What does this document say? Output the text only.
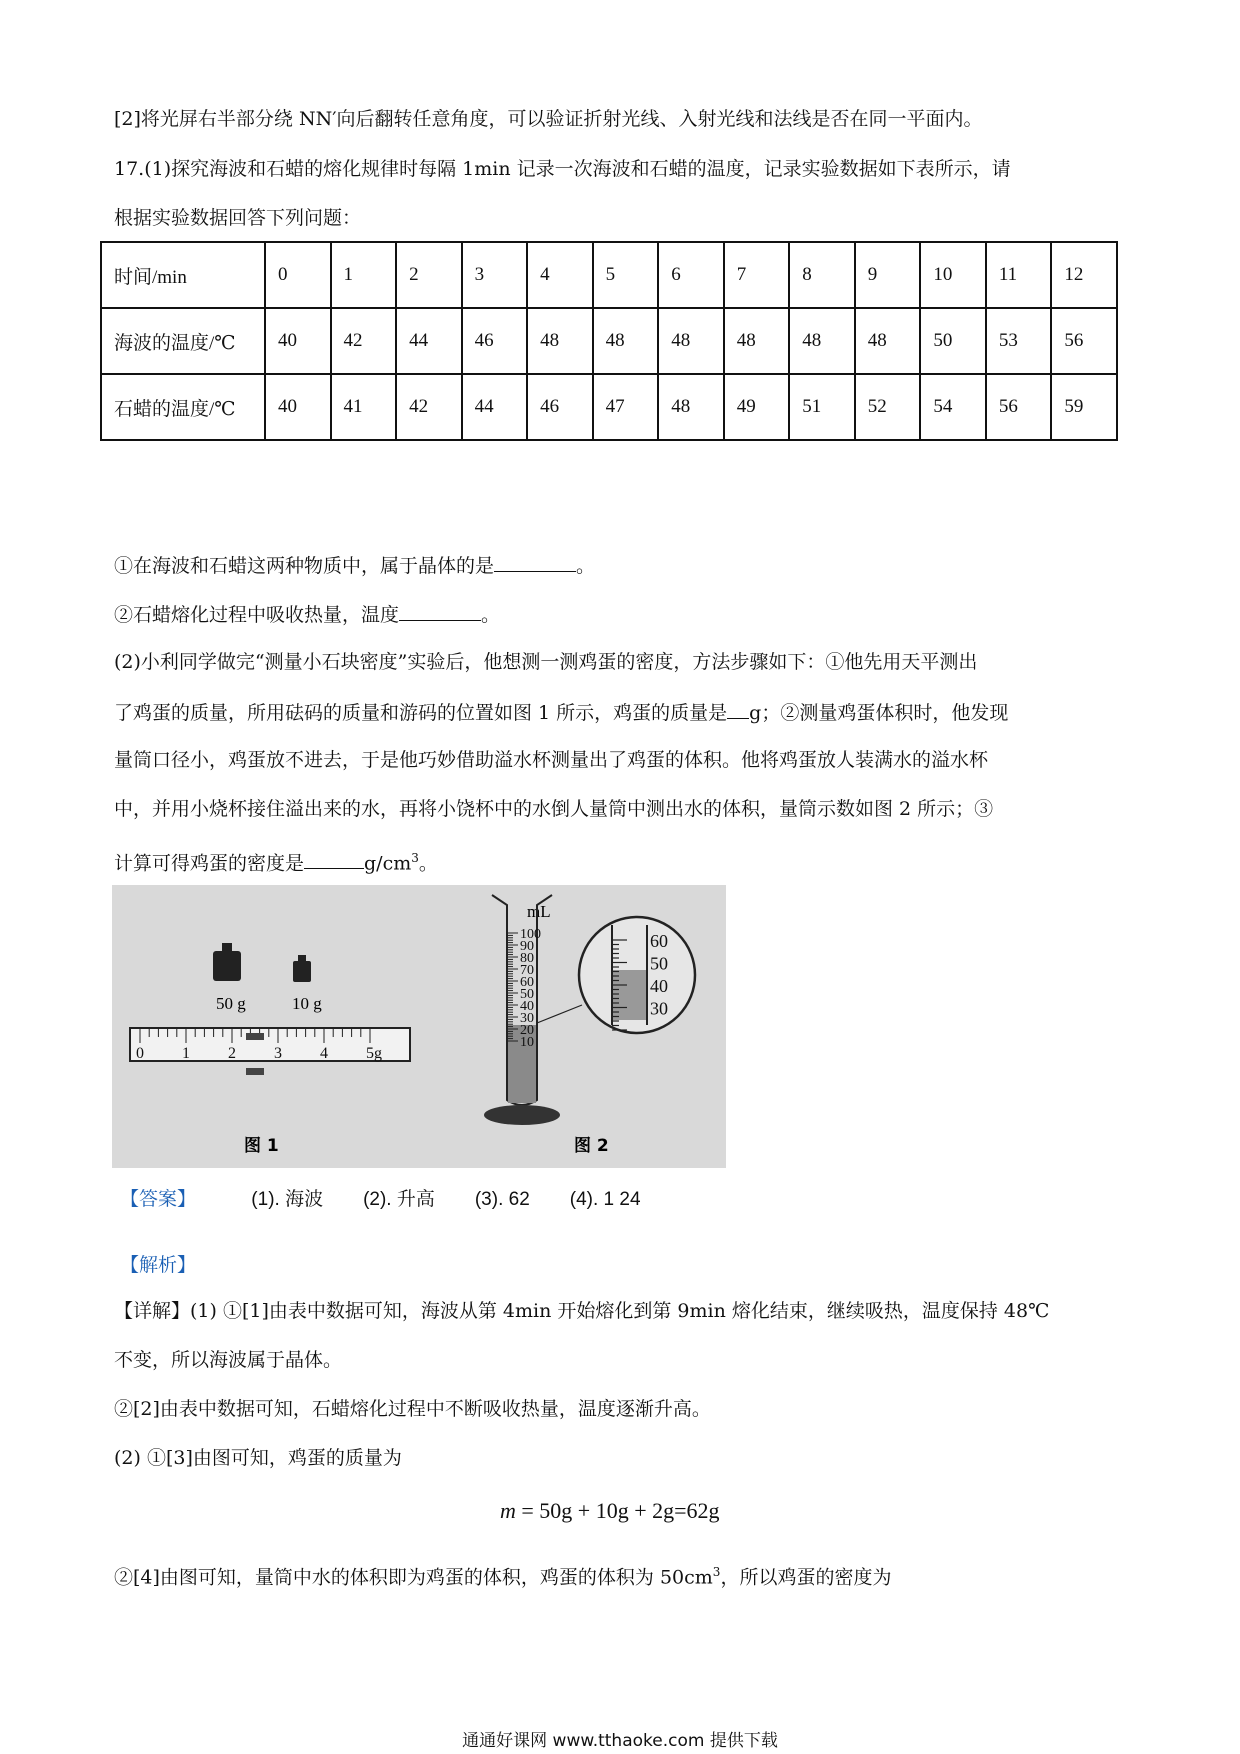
[2]将光屏右半部分绕 NN′向后翻转任意角度，可以验证折射光线、入射光线和法线是否在同一平面内。
17.(1)探究海波和石蜡的熔化规律时每隔 1min 记录一次海波和石蜡的温度，记录实验数据如下表所示，请
根据实验数据回答下列问题：
时间/min	0	1	2	3	4	5	6	7	8	9	10	11	12
海波的温度/℃	40	42	44	46	48	48	48	48	48	48	50	53	56
石蜡的温度/℃	40	41	42	44	46	47	48	49	51	52	54	56	59
①在海波和石蜡这两种物质中，属于晶体的是	。
②石蜡熔化过程中吸收热量，温度	。
(2)小利同学做完“测量小石块密度”实验后，他想测一测鸡蛋的密度，方法步骤如下：①他先用天平测出
了鸡蛋的质量，所用砝码的质量和游码的位置如图 1 所示，鸡蛋的质量是 g；②测量鸡蛋体积时，他发现
量筒口径小，鸡蛋放不进去，于是他巧妙借助溢水杯测量出了鸡蛋的体积。他将鸡蛋放人装满水的溢水杯
中，并用小烧杯接住溢出来的水，再将小饶杯中的水倒人量筒中测出水的体积，量筒示数如图 2 所示；③
计算可得鸡蛋的密度是	$g/cm^3$。
50 g	10 g
0 1 2 3 4 5g
图 1
mL
100
90
80
70
60
50
40
30
20
10
60
50
40
30
图 2
【答案】	(1). 海波 (2). 升高 (3). 62 (4). 1 24
【解析】
【详解】(1) ①[1]由表中数据可知，海波从第 4min 开始熔化到第 9min 熔化结束，继续吸热，温度保持 48℃
不变，所以海波属于晶体。
②[2]由表中数据可知，石蜡熔化过程中不断吸收热量，温度逐渐升高。
(2) ①[3]由图可知，鸡蛋的质量为
m = 50g + 10g + 2g=62g
②[4]由图可知，量筒中水的体积即为鸡蛋的体积，鸡蛋的体积为 $50cm^3$，所以鸡蛋的密度为
通通好课网 www.tthaoke.com 提供下载
